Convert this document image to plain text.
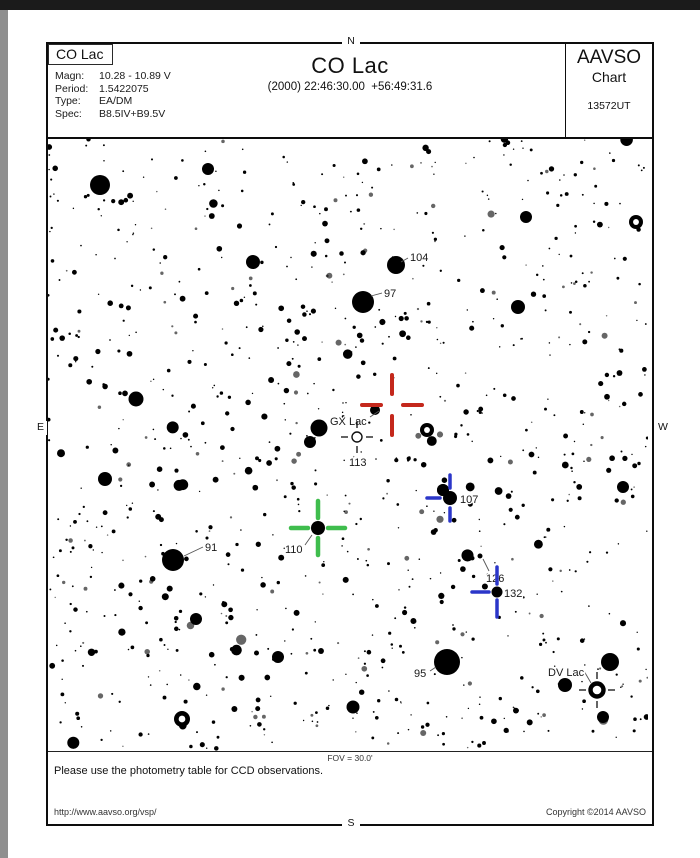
CO Lac
Magn: 10.28 - 10.89 V
Period: 1.5422075
Type: EA/DM
Spec: B8.5IV+B9.5V
CO Lac
(2000) 22:46:30.00  +56:49:31.6
AAVSO
Chart
13572UT
104
97
107
110
91
132
126
95
113
GX Lac
DV Lac
FOV = 30.0'
Please use the photometry table for CCD observations.
http://www.aavso.org/vsp/	Copyright ©2014 AAVSO
N
S
E	W
